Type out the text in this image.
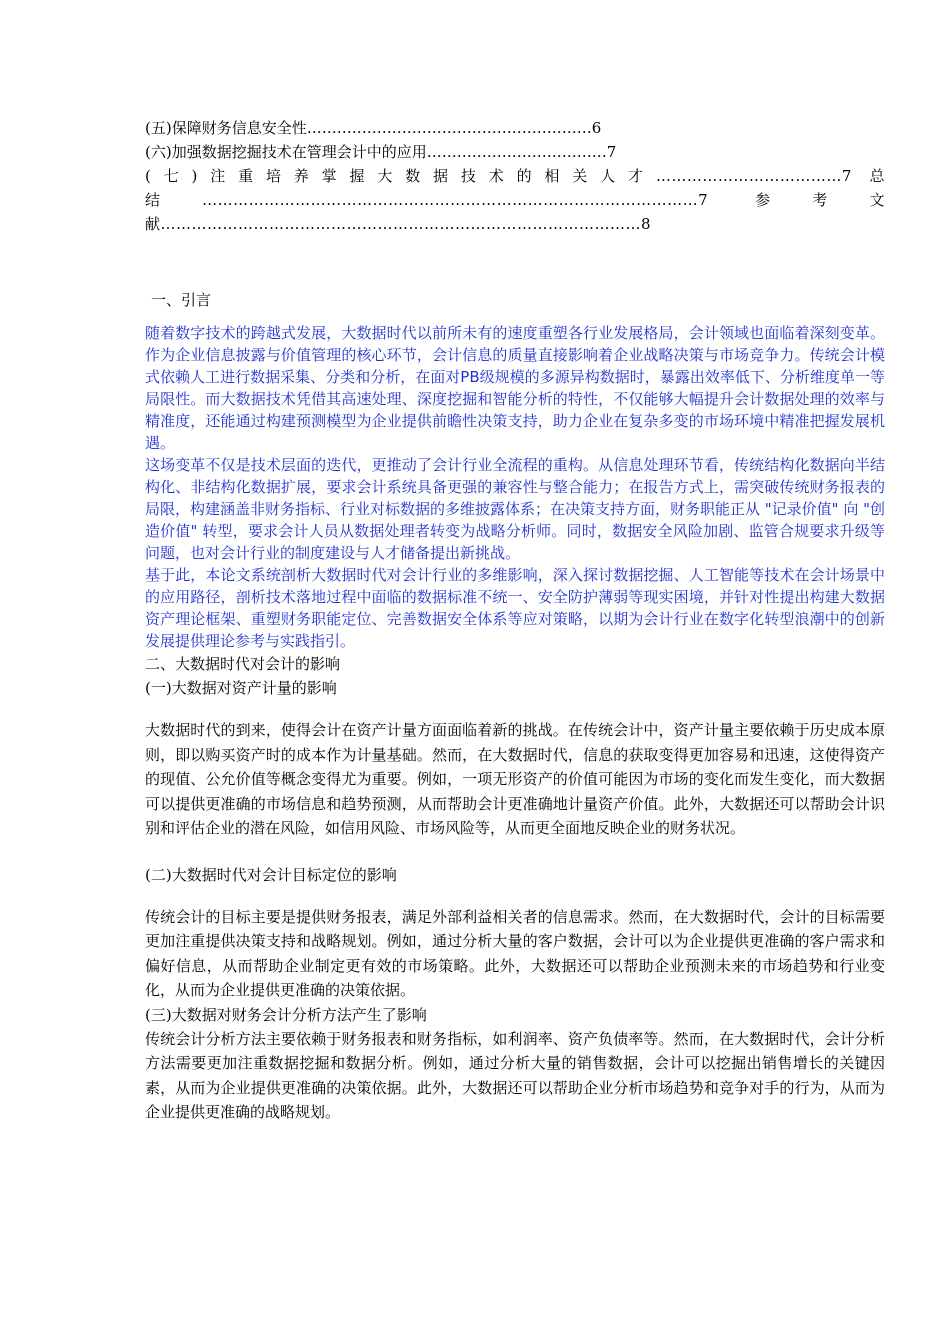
(五)保障财务信息安全性…………………………………………………6
(六)加强数据挖掘技术在管理会计中的应用………………………………7
(七)注重培养掌握大数据技术的相关人才………………………………7 总结……………………………………………………………………………………7 参考文献…………………………………………………………………………………8
一、引言
随着数字技术的跨越式发展，大数据时代以前所未有的速度重塑各行业发展格局，会计领域也面临着深刻变革。作为企业信息披露与价值管理的核心环节，会计信息的质量直接影响着企业战略决策与市场竞争力。传统会计模式依赖人工进行数据采集、分类和分析，在面对PB级规模的多源异构数据时，暴露出效率低下、分析维度单一等局限性。而大数据技术凭借其高速处理、深度挖掘和智能分析的特性，不仅能够大幅提升会计数据处理的效率与精准度，还能通过构建预测模型为企业提供前瞻性决策支持，助力企业在复杂多变的市场环境中精准把握发展机遇。
这场变革不仅是技术层面的迭代，更推动了会计行业全流程的重构。从信息处理环节看，传统结构化数据向半结构化、非结构化数据扩展，要求会计系统具备更强的兼容性与整合能力；在报告方式上，需突破传统财务报表的局限，构建涵盖非财务指标、行业对标数据的多维披露体系；在决策支持方面，财务职能正从 "记录价值" 向 "创造价值" 转型，要求会计人员从数据处理者转变为战略分析师。同时，数据安全风险加剧、监管合规要求升级等问题，也对会计行业的制度建设与人才储备提出新挑战。
基于此，本论文系统剖析大数据时代对会计行业的多维影响，深入探讨数据挖掘、人工智能等技术在会计场景中的应用路径，剖析技术落地过程中面临的数据标准不统一、安全防护薄弱等现实困境，并针对性提出构建大数据资产理论框架、重塑财务职能定位、完善数据安全体系等应对策略，以期为会计行业在数字化转型浪潮中的创新发展提供理论参考与实践指引。
二、大数据时代对会计的影响
(一)大数据对资产计量的影响
大数据时代的到来，使得会计在资产计量方面面临着新的挑战。在传统会计中，资产计量主要依赖于历史成本原则，即以购买资产时的成本作为计量基础。然而，在大数据时代，信息的获取变得更加容易和迅速，这使得资产的现值、公允价值等概念变得尤为重要。例如，一项无形资产的价值可能因为市场的变化而发生变化，而大数据可以提供更准确的市场信息和趋势预测，从而帮助会计更准确地计量资产价值。此外，大数据还可以帮助会计识别和评估企业的潜在风险，如信用风险、市场风险等，从而更全面地反映企业的财务状况。
(二)大数据时代对会计目标定位的影响
传统会计的目标主要是提供财务报表，满足外部利益相关者的信息需求。然而，在大数据时代，会计的目标需要更加注重提供决策支持和战略规划。例如，通过分析大量的客户数据，会计可以为企业提供更准确的客户需求和偏好信息，从而帮助企业制定更有效的市场策略。此外，大数据还可以帮助企业预测未来的市场趋势和行业变化，从而为企业提供更准确的决策依据。
(三)大数据对财务会计分析方法产生了影响
传统会计分析方法主要依赖于财务报表和财务指标，如利润率、资产负债率等。然而，在大数据时代，会计分析方法需要更加注重数据挖掘和数据分析。例如，通过分析大量的销售数据，会计可以挖掘出销售增长的关键因素，从而为企业提供更准确的决策依据。此外，大数据还可以帮助企业分析市场趋势和竞争对手的行为，从而为企业提供更准确的战略规划。
